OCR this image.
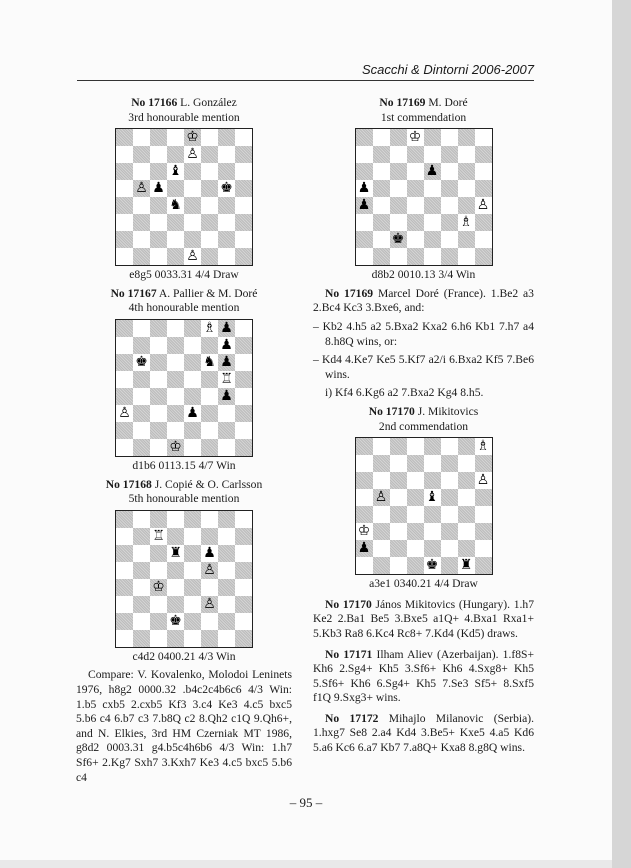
Scacchi & Dintorni 2006-2007

No 17166 L. González

3rd honourable mention

♔
♙
♝
♙ ♟	♚
♞
♙

e8g5 0033.31 4/4 Draw

No 17167 A. Pallier & M. Doré

4th honourable mention

♗ ♟
♟
♚	♞ ♟
♖
♟
♙	♟
♔

d1b6 0113.15 4/7 Win

No 17168 J. Copié & O. Carlsson

5th honourable mention

♖
♜ ♟
♙
♔
♙
♚

c4d2 0400.21 4/3 Win

Compare: V. Kovalenko, Molodoi Leninets 1976, h8g2 0000.32 .b4c2c4b6c6 4/3 Win: 1.b5 cxb5 2.cxb5 Kf3 3.c4 Ke3 4.c5 bxc5 5.b6 c4 6.b7 c3 7.b8Q c2 8.Qh2 c1Q 9.Qh6+, and N. Elkies, 3rd HM Czerniak MT 1986, g8d2 0003.31 g4.b5c4h6b6 4/3 Win: 1.h7 Sf6+ 2.Kg7 Sxh7 3.Kxh7 Ke3 4.c5 bxc5 5.b6 c4

No 17169 M. Doré

1st commendation

♔
♟
♟
♟	♙
♗
♚

d8b2 0010.13 3/4 Win

No 17169 Marcel Doré (France). 1.Be2 a3 2.Bc4 Kc3 3.Bxe6, and:

– Kb2 4.h5 a2 5.Bxa2 Kxa2 6.h6 Kb1 7.h7 a4 8.h8Q wins, or:

– Kd4 4.Ke7 Ke5 5.Kf7 a2/i 6.Bxa2 Kf5 7.Be6 wins.

i) Kf4 6.Kg6 a2 7.Bxa2 Kg4 8.h5.

No 17170 J. Mikitovics

2nd commendation

♗
♙
♙	♝
♔
♟
♚ ♜

a3e1 0340.21 4/4 Draw

No 17170 János Mikitovics (Hungary). 1.h7 Ke2 2.Ba1 Be5 3.Bxe5 a1Q+ 4.Bxa1 Rxa1+ 5.Kb3 Ra8 6.Kc4 Rc8+ 7.Kd4 (Kd5) draws.

No 17171 Ilham Aliev (Azerbaijan). 1.f8S+ Kh6 2.Sg4+ Kh5 3.Sf6+ Kh6 4.Sxg8+ Kh5 5.Sf6+ Kh6 6.Sg4+ Kh5 7.Se3 Sf5+ 8.Sxf5 f1Q 9.Sxg3+ wins.

No 17172 Mihajlo Milanovic (Serbia). 1.hxg7 Se8 2.a4 Kd4 3.Be5+ Kxe5 4.a5 Kd6 5.a6 Kc6 6.a7 Kb7 7.a8Q+ Kxa8 8.g8Q wins.

– 95 –
